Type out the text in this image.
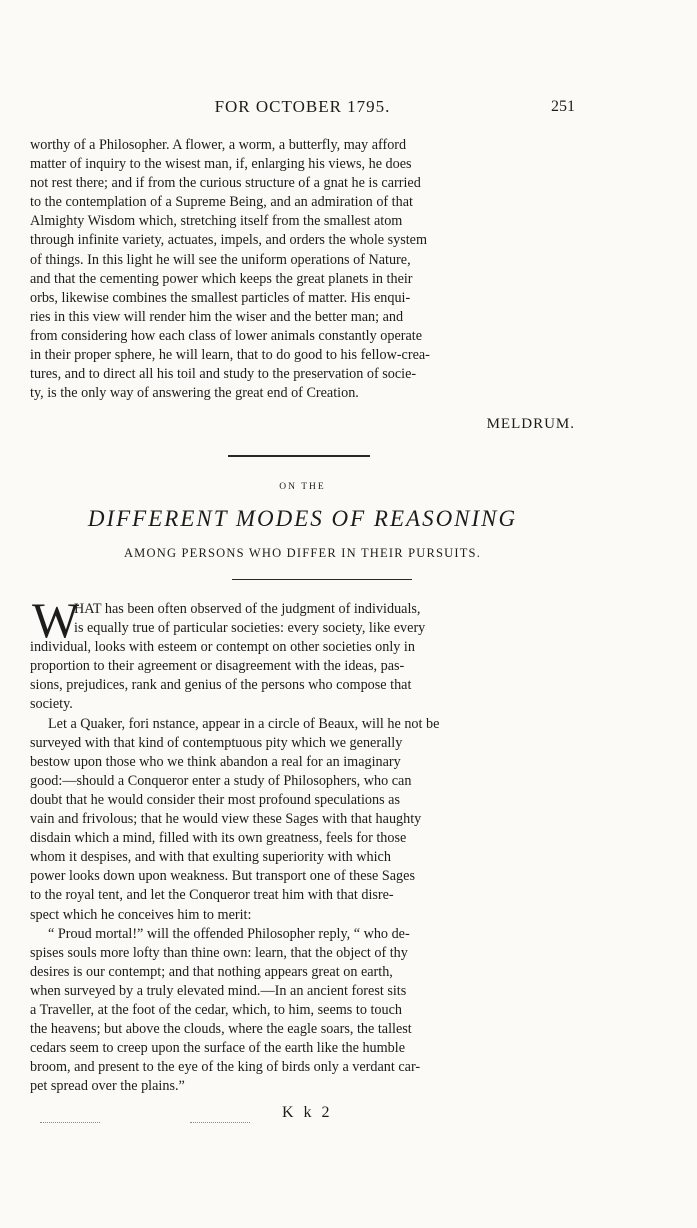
FOR OCTOBER 1795.	251
worthy of a Philosopher. A flower, a worm, a butterfly, may afford
matter of inquiry to the wisest man, if, enlarging his views, he does
not rest there; and if from the curious structure of a gnat he is carried
to the contemplation of a Supreme Being, and an admiration of that
Almighty Wisdom which, stretching itself from the smallest atom
through infinite variety, actuates, impels, and orders the whole system
of things. In this light he will see the uniform operations of Nature,
and that the cementing power which keeps the great planets in their
orbs, likewise combines the smallest particles of matter. His enqui-
ries in this view will render him the wiser and the better man; and
from considering how each class of lower animals constantly operate
in their proper sphere, he will learn, that to do good to his fellow-crea-
tures, and to direct all his toil and study to the preservation of socie-
ty, is the only way of answering the great end of Creation.
MELDRUM.
ON THE
DIFFERENT MODES OF REASONING
AMONG PERSONS WHO DIFFER IN THEIR PURSUITS.
W
HAT has been often observed of the judgment of individuals,
is equally true of particular societies: every society, like every
individual, looks with esteem or contempt on other societies only in
proportion to their agreement or disagreement with the ideas, pas-
sions, prejudices, rank and genius of the persons who compose that
society.
Let a Quaker, fori nstance, appear in a circle of Beaux, will he not be
surveyed with that kind of contemptuous pity which we generally
bestow upon those who we think abandon a real for an imaginary
good:—should a Conqueror enter a study of Philosophers, who can
doubt that he would consider their most profound speculations as
vain and frivolous; that he would view these Sages with that haughty
disdain which a mind, filled with its own greatness, feels for those
whom it despises, and with that exulting superiority with which
power looks down upon weakness. But transport one of these Sages
to the royal tent, and let the Conqueror treat him with that disre-
spect which he conceives him to merit:
“ Proud mortal!” will the offended Philosopher reply, “ who de-
spises souls more lofty than thine own: learn, that the object of thy
desires is our contempt; and that nothing appears great on earth,
when surveyed by a truly elevated mind.—In an ancient forest sits
a Traveller, at the foot of the cedar, which, to him, seems to touch
the heavens; but above the clouds, where the eagle soars, the tallest
cedars seem to creep upon the surface of the earth like the humble
broom, and present to the eye of the king of birds only a verdant car-
pet spread over the plains.”
K k 2
